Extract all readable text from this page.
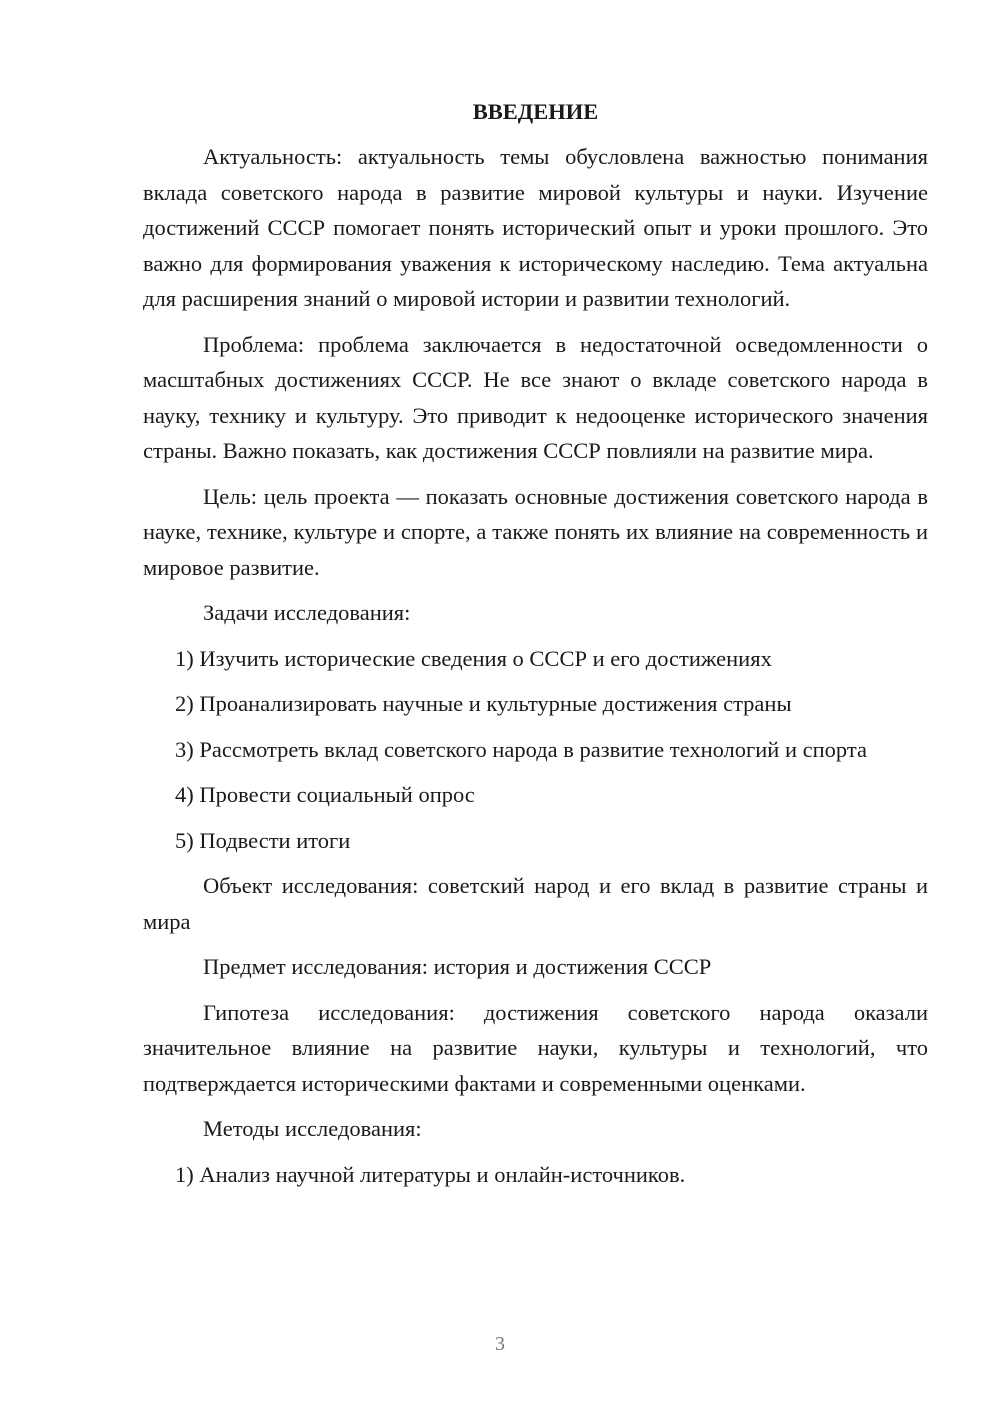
ВВЕДЕНИЕ

Актуальность: актуальность темы обусловлена важностью понимания вклада советского народа в развитие мировой культуры и науки. Изучение достижений СССР помогает понять исторический опыт и уроки прошлого. Это важно для формирования уважения к историческому наследию. Тема актуальна для расширения знаний о мировой истории и развитии технологий.

Проблема: проблема заключается в недостаточной осведомленности о масштабных достижениях СССР. Не все знают о вкладе советского народа в науку, технику и культуру. Это приводит к недооценке исторического значения страны. Важно показать, как достижения СССР повлияли на развитие мира.

Цель: цель проекта — показать основные достижения советского народа в науке, технике, культуре и спорте, а также понять их влияние на современность и мировое развитие.

Задачи исследования:

1) Изучить исторические сведения о СССР и его достижениях

2) Проанализировать научные и культурные достижения страны

3) Рассмотреть вклад советского народа в развитие технологий и спорта

4) Провести социальный опрос

5) Подвести итоги

Объект исследования: советский народ и его вклад в развитие страны и мира

Предмет исследования: история и достижения СССР

Гипотеза исследования: достижения советского народа оказали значительное влияние на развитие науки, культуры и технологий, что подтверждается историческими фактами и современными оценками.

Методы исследования:

1) Анализ научной литературы и онлайн-источников.

3
